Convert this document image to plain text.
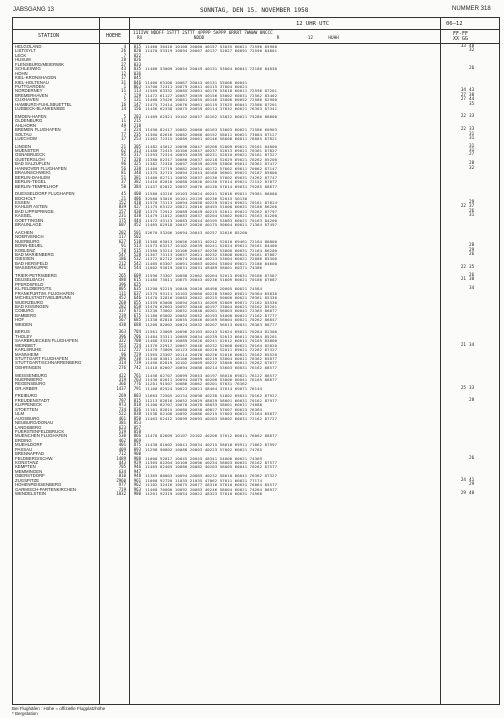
JABSGANG 13	SONNTAG, DEN 15. NOVEMBER 1958	NUMMER 318
12 UHR UTC	06–12
STATION	HOEHE	11IIVV NDDFF 1STTT 2STTT 4PPPP 5APPP 6RRRT 7WWWW 8NCCC
RX                    NDDD                            R           12      HUHH
FF-FF
XX GG
HELGOLAND	4 015 11460 30418 10100 20060 40157 53035 60021 72596 85900	33 48
LIST/SYLT	26 020 11470 53319 10094 20067 40137 52027 60091 72596 84801	32
LECK	7 022
HUSUM	28 026
FLENSBURG/MEIERWIK	27 033
SCHLESWIG	43 035 11460 53009 10054 20049 40131 53004 60041 72186 84830	26
HOHN	12 036
KIEL-KRONSHAGEN	17 045
KIEL-HOLTENAU	31 046 11460 63108 10067 20043 40131 55006 60041
PUTTGARDEN	1 063 14700 72311 10079 20041 40115 37004 60021
NORDERNEY	11 113 11569 63332 10085 20061 40176 53018 60011 72596 87201	34 43
BREMERHAVEN	7 129 11472 61127 10087 20059 40156 53002 60031 72562 83402	27 38
CUXHAVEN	5 131 11468 23426 10081 20055 40146 33006 60052 72586 82900	27 44
HAMBURG-FUHLSBUETTEL	16 147 11475 72414 10076 20061 40119 37025 60041 72586 87201	35
LUEBECK-BLANKENSEE	14 156 11456 62338 10075 20059 40114 37032 60021 76363 87341
EMDEN-HAFEN	5 203 11469 62921 10102 20057 40162 53022 60021 75286 86800	22 33
OLDENBURG	11 215
AHLHORN	49 218
BREMEN FLUGHAFEN	3 224 11490 82417 10082 20060 40163 53003 60021 72586 60903	22 33
SOLTAU	77 235 11360 82616 10082 20060 40152 58011 60021 73084 87127	31
LUECHOW	17 253 11462 72315 10089 20061 40146 56008 60011 78085 87821	31
LINGEN	21 305 11482 43012 10096 20047 40208 52009 69021 70161 84800	31
MUENSTER	62 313 11480 72415 10100 20047 40237 52013 69021 70361 87827	31
OSNABRUECK	95 317 11393 72314 10093 20039 40231 52010 69021 70161 87327	27
GUETERSLOH	72 320 11380 82317 10086 20037 40218 52029 69021 70262 85200
BAD SALZUFLEN	96 325 11382 72310 10097 20039 40199 53006 69011 70361 87477	28
HANNOVER FLUGHAFEN	56 338 11460 72719 10082 20031 40172 57002 69011 70062 87147	32
BRAUNSCHWEIG	81 348 11375 32713 10094 22043 40168 56001 69021 70187 85800
BERLIN-DAHLEM	51 381 11460 82711 10092 20037 40130 57002 69031 74262 87747
BERLIN-TEGEL	37 382 11410 82816 10080 20026 40130 57014 69021 72152 87877
BERLIN-TEMPELHOF	50 384 11437 82812 10097 20076 40130 57014 69031 79285 88877
DUESSELDORF FLUGHAFEN	45 400 11580 43216 10103 20024 40241 52016 69011 79361 86000
BOCHOLT	21 406 32560 53016 10101 20139 40236 52013 50130
ESSEN	152 410 11570 73113 10094 20058 40229 52024 69021 70161 87824	29
KAHLER ASTEN	839 427 11175 63122 10021 20016 48455 51008 60031 70186 86200	22 37
BAD LIPPSPRINGE	157 430 11375 72912 10089 20049 40215 52011 69021 70262 87797	26
KASSEL	231 438 11479 11012 10083 20037 40204 53002 60021 70163 81200	31
GOETTINGEN	175 444 11472 43113 10083 20044 40195 53003 60021 70163 84200
BRAUNLAGE	607 452 11465 82918 10047 20020 40175 50004 60021 71364 87497
AACHEN	202 501 32670 53206 10094 20043 40257 52016 85200
NOERVENICH	117 502
NUERBURG	627 510 11368 63013 10056 20031 40242 52010 69461 72164 86800
BONN-BEUEL	91 513 11573 63217 10102 20039 40241 52024 69021 70161 84400	28
KOBLENZ	70 515 11560 53214 10106 20047 40236 53000 60031 72164 86200	29
BAD MARIENBERG	547 528 11367 73113 10057 20021 40232 53008 60021 70161 87887	26
GIESSEN	186 532 11372 82712 10074 20046 40223 53004 60021 72086 85300
BAD HERSFELD	212 542 11465 63307 10091 20063 40204 53004 69021 72186 84600
WASSERKUPPE	921 544 11002 93019 10031 20031 48489 56001 60371 74386	22 35
TRIER-PETRISBERG	265 609 11590 73307 10098 22062 40264 52013 69031 70186 87587	26
DEUSELBACH	480 615 11480 73011 10075 20043 40236 51009 60021 70186 87687	21 30
PFERDSFELD	396 625
KL.FELDBERG/TS.	805 635 11290 92219 10040 20020 48498 20005 60021 74584	34
FRANKFURT/M. FLUGHAFEN	111 637 11375 93111 10103 20060 40228 53002 69021 70364 85830
MICHELSTADT/VIELBRUNN	452 646 11470 32816 10083 20042 40225 50000 60021 70361 85330
WUERZBURG	268 655 11359 63008 10094 20031 40209 52009 69071 72162 83530
BAD KISSINGEN	282 658 11470 62603 10097 20046 40197 33004 60021 70162 85201
COBURG	337 671 11230 73002 10052 20048 40201 56003 60041 72365 86877
BAMBERG	239 675 11180 63002 10082 20052 40193 54000 60021 71162 87777
HOF	567 685 11338 82810 10055 20046 40169 56004 60021 70262 86847
WEIDEN	438 688 11208 82002 10024 20032 40207 56013 60031 76363 88777
BERUS	363 704 11561 23009 10096 20103 40243 52024 69021 70264 82300
THOLEY	396 706 11484 33311 10089 20034 40239 52013 60011 70364 85201
SAARBRUECKEN FLUGHAFEN	322 708 11468 33310 10089 20026 40241 52012 60011 70165 83800
WEINBIET	553 724 11370 22917 10067 20048 40232 52008 60021 70164 82820	21 34
KARLSRUHE	112 727 11470 73009 10123 20040 40220 52011 69021 72262 87327
MANNHEIM	96 729 11565 23307 10114 20078 40226 52016 60021 70162 85520
STUTTGART FLUGHAFEN	396 738 11340 83011 10106 20069 40219 53004 60011 76362 85877
STUTTGART/SCHNARRENBERG	314 739 11456 82819 10102 20069 40222 53000 60011 76262 87077
OEHRINGEN	276 742 11418 82607 10094 20088 40214 53003 60031 76162 88577
WEISSENBURG	422 761 11458 82707 10099 20053 40197 56010 69021 76122 86577
NUERNBERG	319 763 11430 82611 10094 20079 40200 53006 60041 76165 88877
REGENSBURG	366 776 11201 91507 10086 20062 40201 57031 76362
GR.ARBER	1437 791 11100 82524 10023 20021 48464 37014 69071 76144	25 33
FREIBURG	269 803 11663 72505 10134 20098 40238 51002 69031 70162 87927
FREUDENSTADT	797 815 11213 82816 10052 20029 48029 58001 60031 70162 87977	28
KLIPPENECK	973 818 11100 82707 10078 20078 48033 58001 60011 74088
STOETTEN	734 836 11101 82815 10080 20058 40027 57007 60023 76364
ULM	522 838 11538 82106 10092 20086 40215 57003 60021 72164 85877
AUGSBURG	461 850 11463 82412 10099 20093 40203 58002 60031 72162 87727
NEUBURG/DONAU	381 853
LANDSBERG	623 857
FUERSTENFELDBRUCK	519 858
MUENCHEN FLUGHAFEN	530 866 11470 82609 10107 20102 40200 57012 60011 76062 88877
ERDING	462 869
MUEHLDORF	401 875 11430 81002 10041 20034 40215 58018 69911 71062 87997
PASSAU	409 893 11298 90802 10088 20003 40223 57002 60021 74765
BRENNAPFAD	712 900
FELDBERG/SCHW.	1489 908 11000 92817 10045 20045 48341 54000 60021 74369	26
KONSTANZ	443 929 11365 82204 10100 20096 40234 58003 60031 76162 87577
KEMPTEN	705 946 11465 82405 10086 20082 40203 56005 60041 70262 87577
MEMMINGEN	634 947
OBERSTDORF	810 948 11365 80003 10094 20085 40232 58010 60041 76362 87327
ZUGSPITZE	2960 961 11000 92720 11035 21035 47062 57011 60021 77174	24 41
HOHENPEISSENBERG	977 962 11102 32416 10075 20077 48316 57010 60031 76064 85577	29
GARMISCH-PARTENKIRCHEN	719 963 11460 70000 10092 20083 40246 58004 60021 74264 86977
WENDELSTEIN	1832 980 11201 92319 10054 20022 48323 57010 60031 74566	29 40
Bei Flughäfen : Höhe = offizielle Flugplatzhöhe
* Bergstation
